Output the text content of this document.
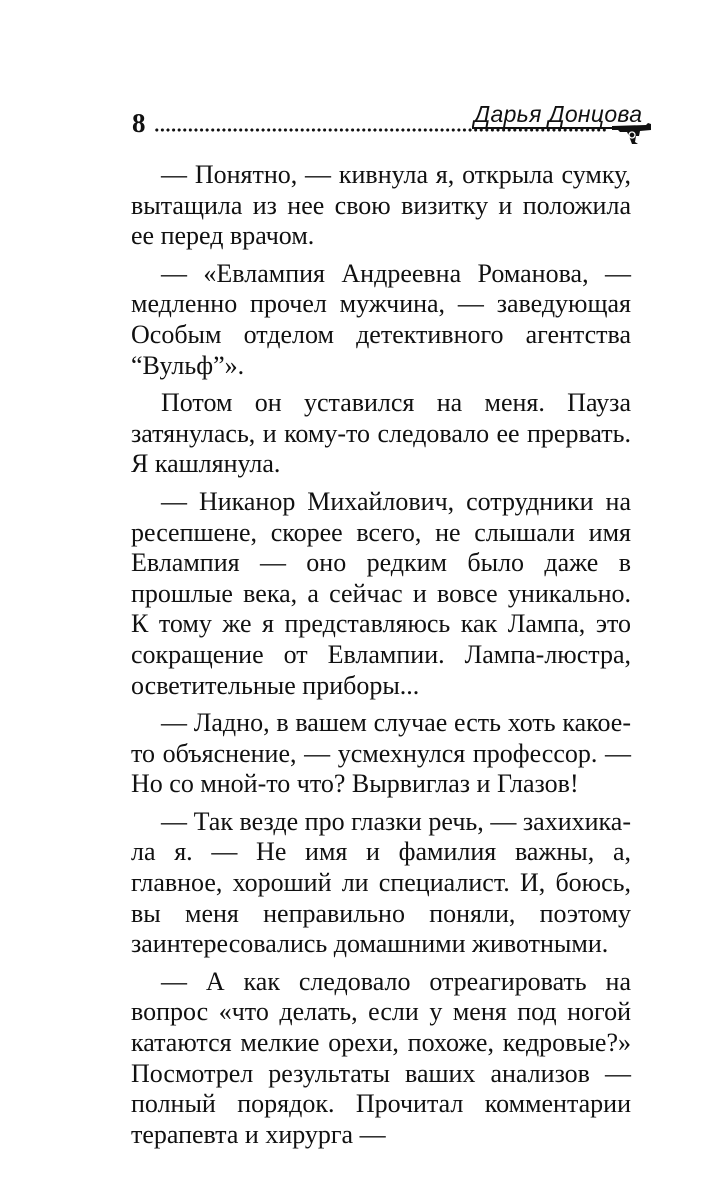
8	Дарья Донцова

— Понятно, — кивнула я, открыла сумку, вытащила из нее свою визитку и положила ее перед врачом.

— «Евлампия Андреевна Романова, — медленно прочел мужчина, — заведующая Особым отделом детективного агентства “Вульф”».

Потом он уставился на меня. Пауза затянулась, и кому-то следовало ее прервать. Я кашлянула.

— Никанор Михайлович, сотрудники на ресепшене, скорее всего, не слышали имя Евлампия — оно редким было даже в прошлые века, а сейчас и вовсе уникально. К тому же я представляюсь как Лампа, это сокращение от Евлампии. Лампа-люстра, осветительные приборы...

— Ладно, в вашем случае есть хоть какое-то объяснение, — усмехнулся профессор. — Но со мной-то что? Вырвиглаз и Глазов!

— Так везде про глазки речь, — захихикала я. — Не имя и фамилия важны, а, главное, хороший ли специалист. И, боюсь, вы меня неправильно поняли, поэтому заинтересовались домашними животными.

— А как следовало отреагировать на вопрос «что делать, если у меня под ногой катаются мелкие орехи, похоже, кедровые?» Посмотрел результаты ваших анализов — полный порядок. Прочитал комментарии терапевта и хирурга —
